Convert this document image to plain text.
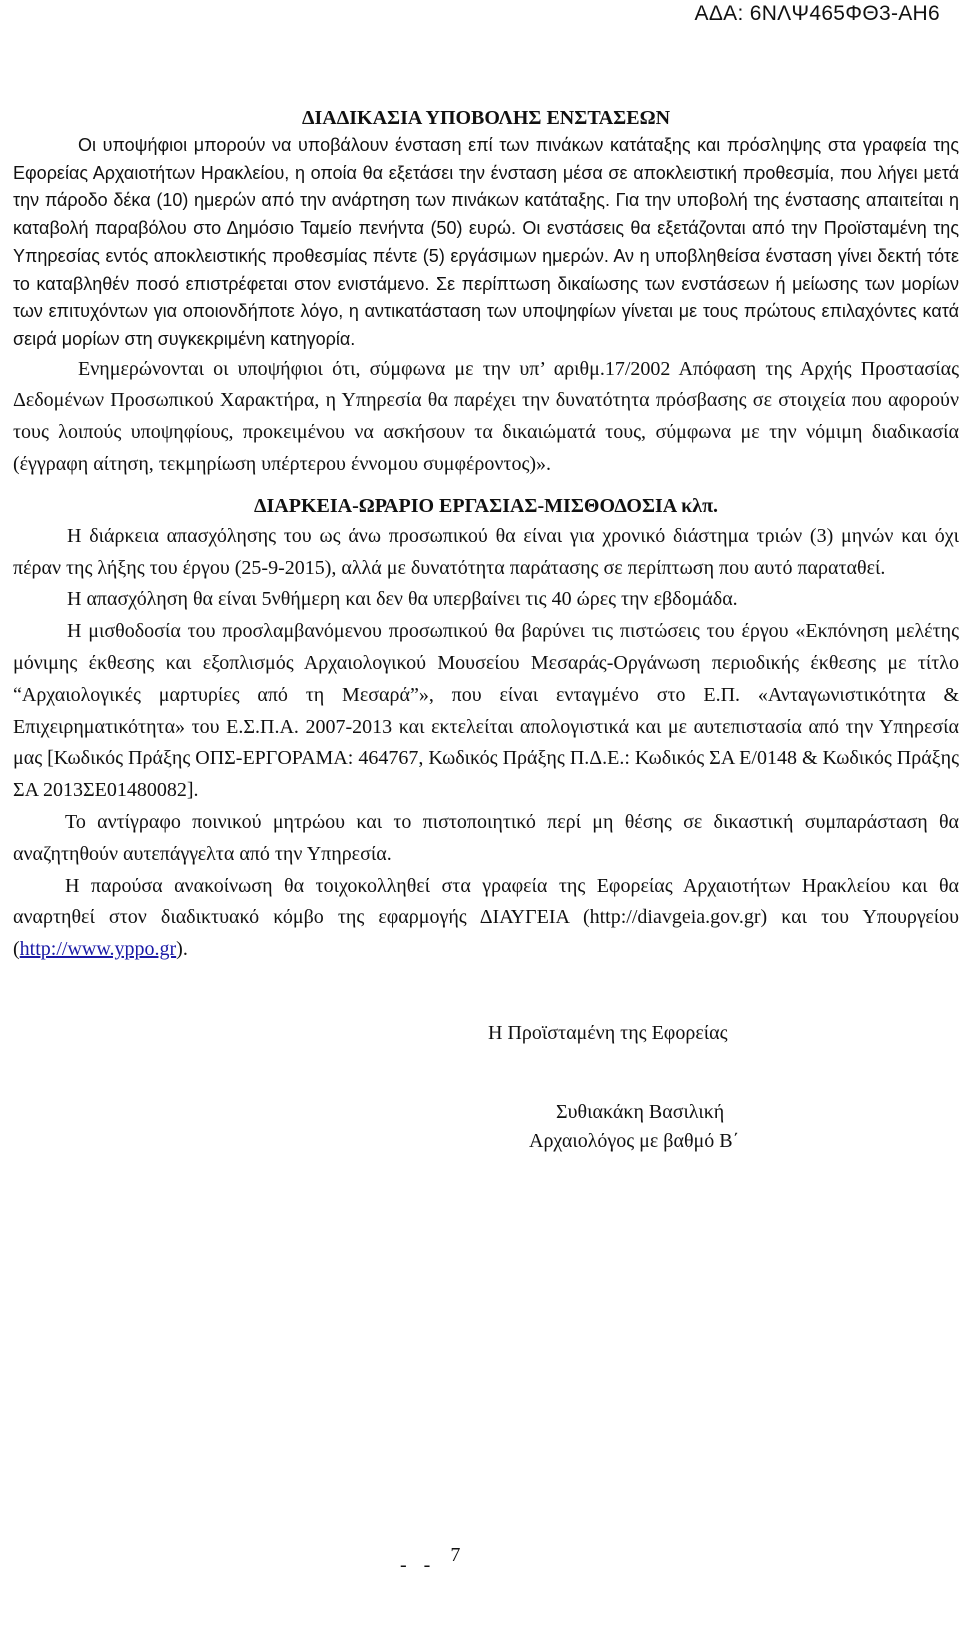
ΑΔΑ: 6ΝΛΨ465ΦΘ3-ΑΗ6
ΔΙΑΔΙΚΑΣΙΑ ΥΠΟΒΟΛΗΣ ΕΝΣΤΑΣΕΩΝ

Οι υποψήφιοι μπορούν να υποβάλουν ένσταση επί των πινάκων κατάταξης και πρόσληψης στα γραφεία της Εφορείας Αρχαιοτήτων Ηρακλείου, η οποία θα εξετάσει την ένσταση μέσα σε αποκλειστική προθεσμία, που λήγει μετά την πάροδο δέκα (10) ημερών από την ανάρτηση των πινάκων κατάταξης. Για την υποβολή της ένστασης απαιτείται η καταβολή παραβόλου στο Δημόσιο Ταμείο πενήντα (50) ευρώ. Οι ενστάσεις θα εξετάζονται από την Προϊσταμένη της Υπηρεσίας εντός αποκλειστικής προθεσμίας πέντε (5) εργάσιμων ημερών. Αν η υποβληθείσα ένσταση γίνει δεκτή τότε το καταβληθέν ποσό επιστρέφεται στον ενιστάμενο. Σε περίπτωση δικαίωσης των ενστάσεων ή μείωσης των μορίων των επιτυχόντων για οποιονδήποτε λόγο, η αντικατάσταση των υποψηφίων γίνεται με τους πρώτους επιλαχόντες κατά σειρά μορίων στη συγκεκριμένη κατηγορία.

Ενημερώνονται οι υποψήφιοι ότι, σύμφωνα με την υπ’ αριθμ.17/2002 Απόφαση της Αρχής Προστασίας Δεδομένων Προσωπικού Χαρακτήρα, η Υπηρεσία θα παρέχει την δυνατότητα πρόσβασης σε στοιχεία που αφορούν τους λοιπούς υποψηφίους, προκειμένου να ασκήσουν τα δικαιώματά τους, σύμφωνα με την νόμιμη διαδικασία (έγγραφη αίτηση, τεκμηρίωση υπέρτερου έννομου συμφέροντος)».

ΔΙΑΡΚΕΙΑ-ΩΡΑΡΙΟ ΕΡΓΑΣΙΑΣ-ΜΙΣΘΟΔΟΣΙΑ κλπ.

Η διάρκεια απασχόλησης του ως άνω προσωπικού θα είναι για χρονικό διάστημα τριών (3) μηνών και όχι πέραν της λήξης του έργου (25-9-2015), αλλά με δυνατότητα παράτασης σε περίπτωση που αυτό παραταθεί.

Η απασχόληση θα είναι 5νθήμερη και δεν θα υπερβαίνει τις 40 ώρες την εβδομάδα.

Η μισθοδοσία του προσλαμβανόμενου προσωπικού θα βαρύνει τις πιστώσεις του έργου «Εκπόνηση μελέτης μόνιμης έκθεσης και εξοπλισμός Αρχαιολογικού Μουσείου Μεσαράς-Οργάνωση περιοδικής έκθεσης με τίτλο “Αρχαιολογικές μαρτυρίες από τη Μεσαρά”», που είναι ενταγμένο στο Ε.Π. «Ανταγωνιστικότητα & Επιχειρηματικότητα» του Ε.Σ.Π.Α. 2007-2013 και εκτελείται απολογιστικά και με αυτεπιστασία από την Υπηρεσία μας [Κωδικός Πράξης ΟΠΣ-ΕΡΓΟΡΑΜΑ: 464767, Κωδικός Πράξης Π.Δ.Ε.: Κωδικός ΣΑ Ε/0148 & Κωδικός Πράξης ΣΑ 2013ΣΕ01480082].

Το αντίγραφο ποινικού μητρώου και το πιστοποιητικό περί μη θέσης σε δικαστική συμπαράσταση θα αναζητηθούν αυτεπάγγελτα από την Υπηρεσία.

Η παρούσα ανακοίνωση θα τοιχοκολληθεί στα γραφεία της Εφορείας Αρχαιοτήτων Ηρακλείου και θα αναρτηθεί στον διαδικτυακό κόμβο της εφαρμογής ΔΙΑΥΓΕΙΑ (http://diavgeia.gov.gr) και του Υπουργείου (http://www.yppo.gr).

Η Προϊσταμένη της Εφορείας
Συθιακάκη Βασιλική
Αρχαιολόγος με βαθμό Β΄
- - 7
